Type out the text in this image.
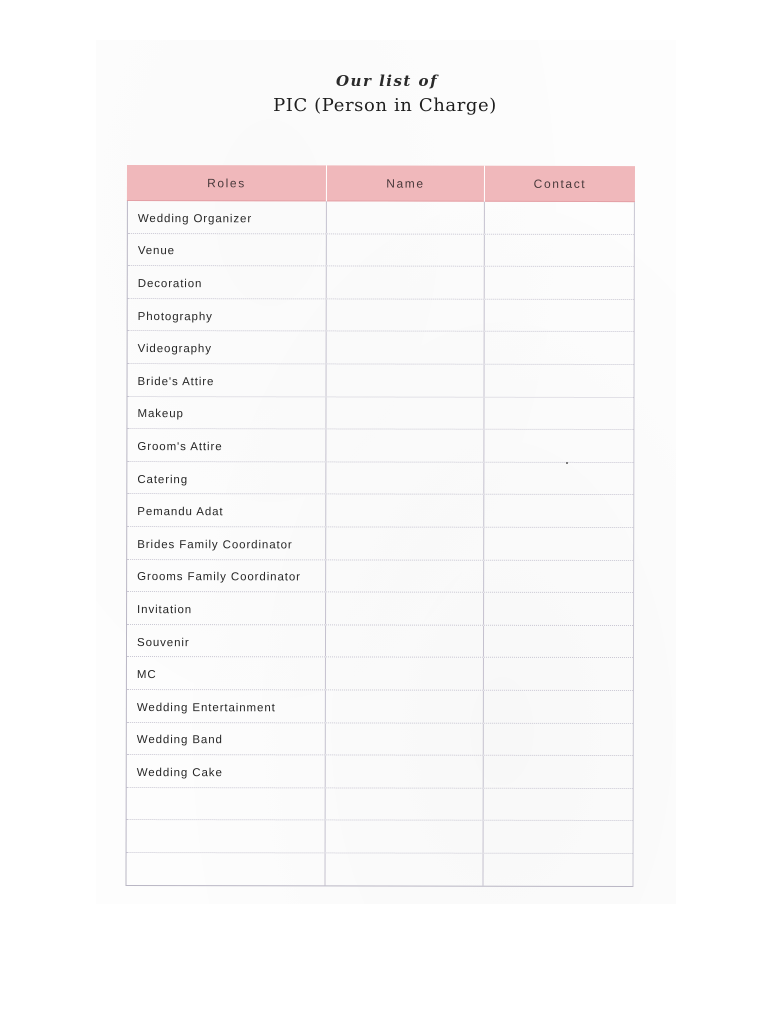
Our list of
PIC (Person in Charge)
Roles	Name	Contact
Wedding Organizer
Venue
Decoration
Photography
Videography
Bride's Attire
Makeup
Groom's Attire
Catering
Pemandu Adat
Brides Family Coordinator
Grooms Family Coordinator
Invitation
Souvenir
MC
Wedding Entertainment
Wedding Band
Wedding Cake
